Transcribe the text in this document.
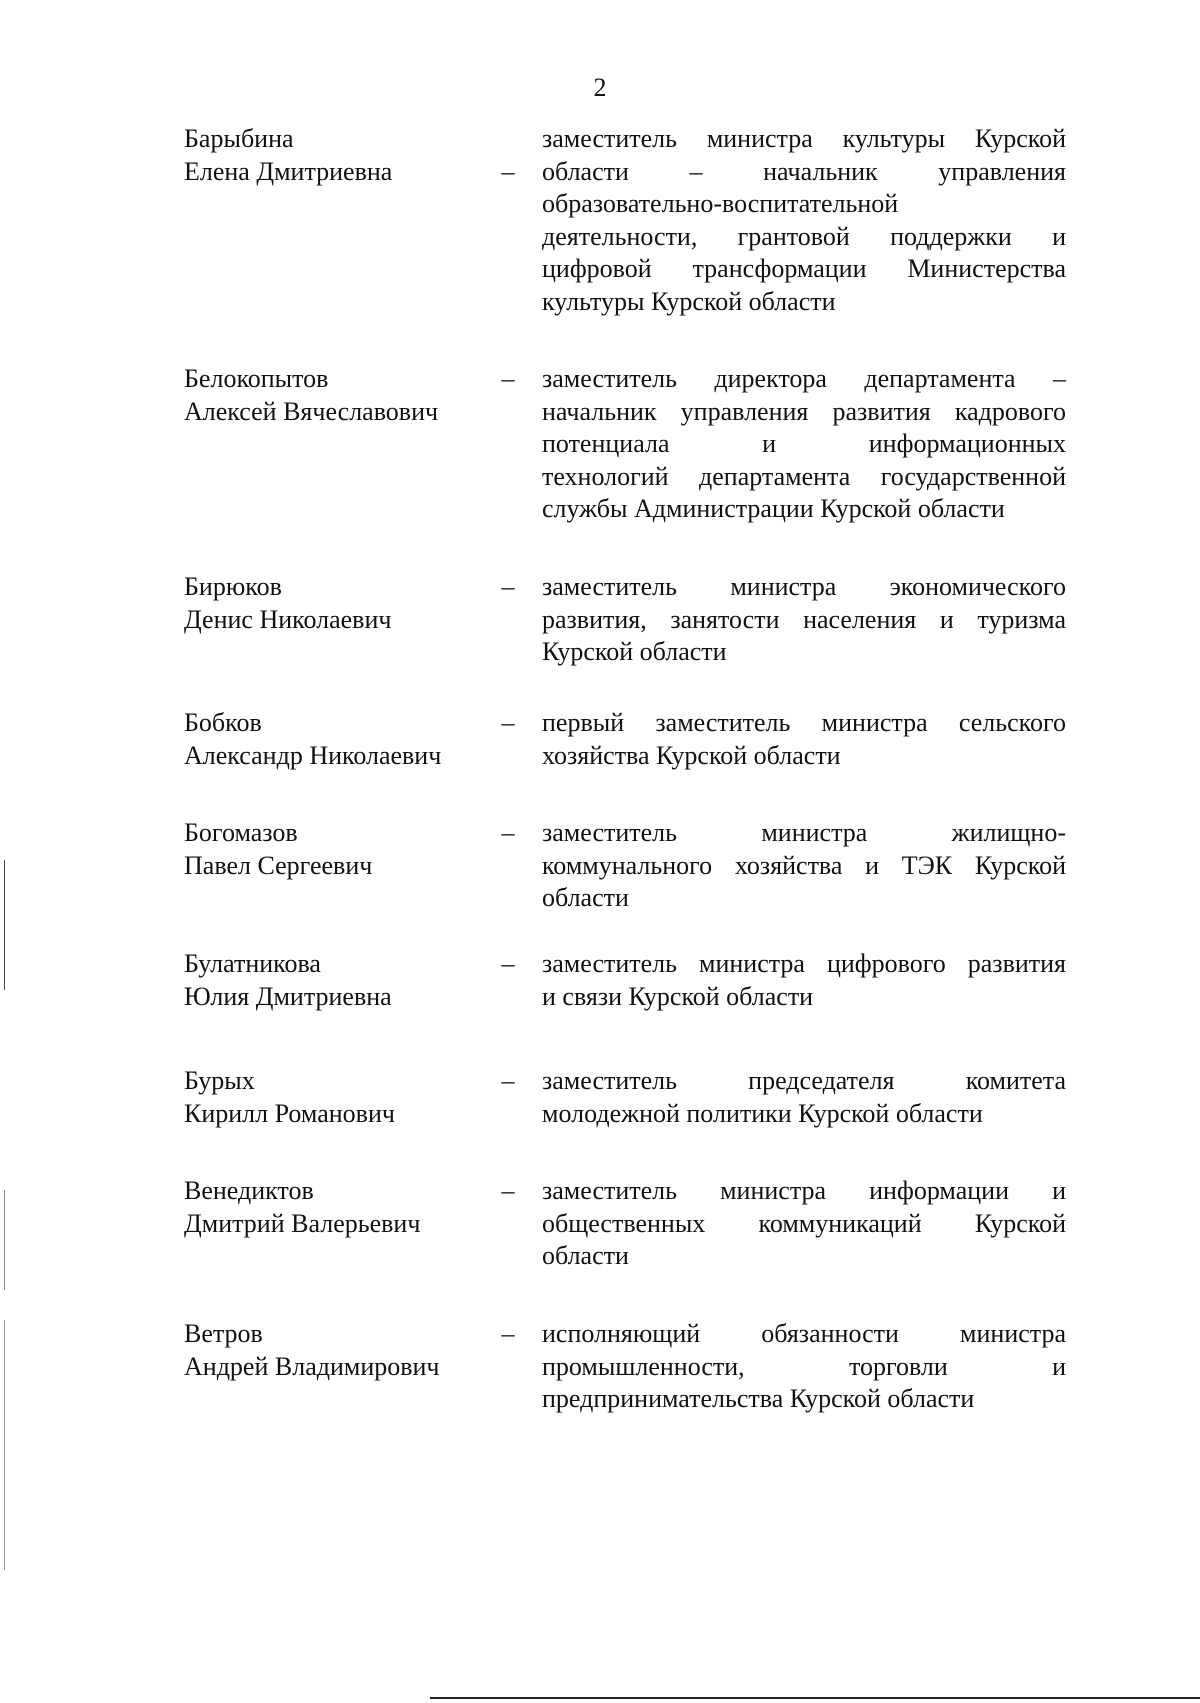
2
Барыбина
Елена Дмитриевна	–
заместитель министра культуры Курской
области – начальник управления
образовательно-воспитательной
деятельности, грантовой поддержки и
цифровой трансформации Министерства
культуры Курской области
Белокопытов
Алексей Вячеславович
– заместитель директора департамента –
начальник управления развития кадрового
потенциала и информационных
технологий департамента государственной
службы Администрации Курской области
Бирюков
Денис Николаевич
– заместитель министра экономического
развития, занятости населения и туризма
Курской области
Бобков
Александр Николаевич
– первый заместитель министра сельского
хозяйства Курской области
Богомазов
Павел Сергеевич
– заместитель министра жилищно-
коммунального хозяйства и ТЭК Курской
области
Булатникова
Юлия Дмитриевна
– заместитель министра цифрового развития
и связи Курской области
Бурых
Кирилл Романович
– заместитель председателя комитета
молодежной политики Курской области
Венедиктов
Дмитрий Валерьевич
– заместитель министра информации и
общественных коммуникаций Курской
области
Ветров
Андрей Владимирович
– исполняющий обязанности министра
промышленности, торговли и
предпринимательства Курской области
